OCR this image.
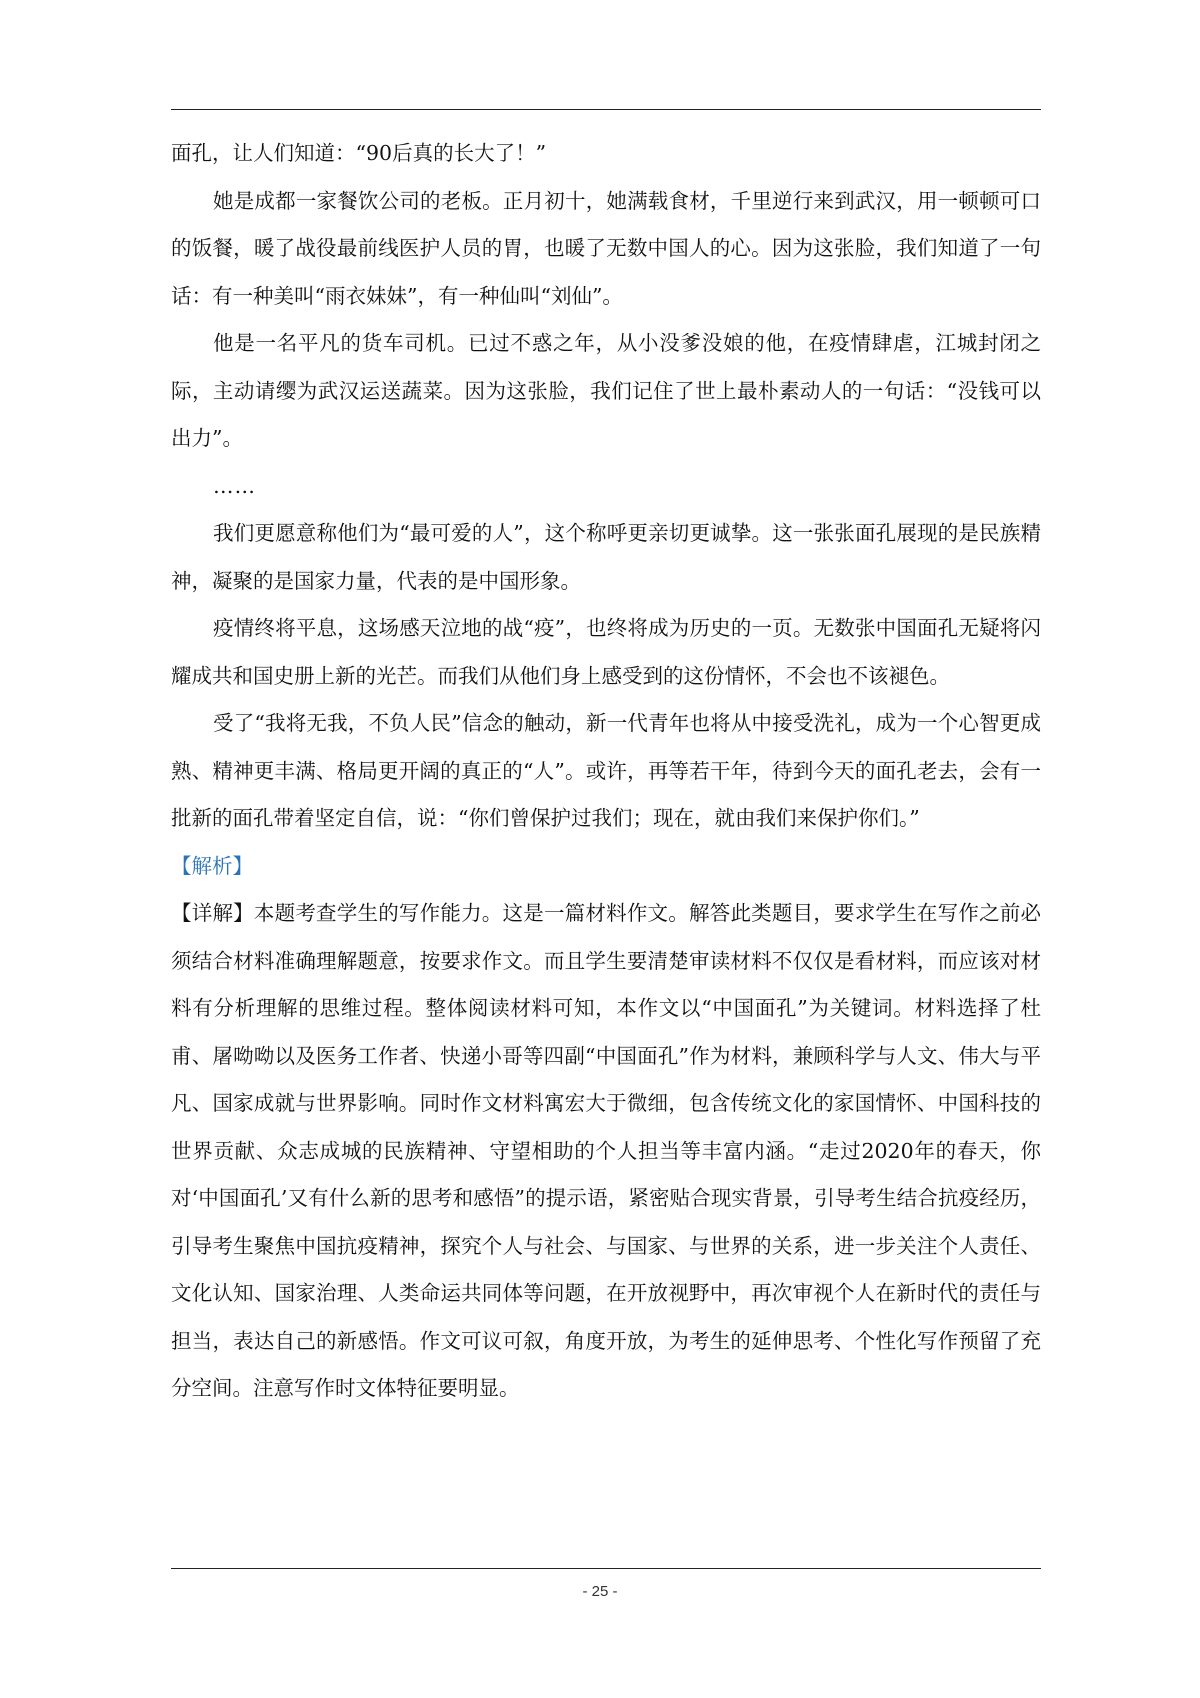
面孔，让人们知道：“90后真的长大了！”

她是成都一家餐饮公司的老板。正月初十，她满载食材，千里逆行来到武汉，用一顿顿可口的饭餐，暖了战役最前线医护人员的胃，也暖了无数中国人的心。因为这张脸，我们知道了一句话：有一种美叫“雨衣妹妹”，有一种仙叫“刘仙”。

他是一名平凡的货车司机。已过不惑之年，从小没爹没娘的他，在疫情肆虐，江城封闭之际，主动请缨为武汉运送蔬菜。因为这张脸，我们记住了世上最朴素动人的一句话：“没钱可以出力”。

……

我们更愿意称他们为“最可爱的人”，这个称呼更亲切更诚挚。这一张张面孔展现的是民族精神，凝聚的是国家力量，代表的是中国形象。

疫情终将平息，这场感天泣地的战“疫”，也终将成为历史的一页。无数张中国面孔无疑将闪耀成共和国史册上新的光芒。而我们从他们身上感受到的这份情怀，不会也不该褪色。

受了“我将无我，不负人民”信念的触动，新一代青年也将从中接受洗礼，成为一个心智更成熟、精神更丰满、格局更开阔的真正的“人”。或许，再等若干年，待到今天的面孔老去，会有一批新的面孔带着坚定自信，说：“你们曾保护过我们；现在，就由我们来保护你们。”

【解析】

【详解】本题考查学生的写作能力。这是一篇材料作文。解答此类题目，要求学生在写作之前必须结合材料准确理解题意，按要求作文。而且学生要清楚审读材料不仅仅是看材料，而应该对材料有分析理解的思维过程。整体阅读材料可知，本作文以“中国面孔”为关键词。材料选择了杜甫、屠呦呦以及医务工作者、快递小哥等四副“中国面孔”作为材料，兼顾科学与人文、伟大与平凡、国家成就与世界影响。同时作文材料寓宏大于微细，包含传统文化的家国情怀、中国科技的世界贡献、众志成城的民族精神、守望相助的个人担当等丰富内涵。“走过2020年的春天，你对‘中国面孔’又有什么新的思考和感悟”的提示语，紧密贴合现实背景，引导考生结合抗疫经历，引导考生聚焦中国抗疫精神，探究个人与社会、与国家、与世界的关系，进一步关注个人责任、文化认知、国家治理、人类命运共同体等问题，在开放视野中，再次审视个人在新时代的责任与担当，表达自己的新感悟。作文可议可叙，角度开放，为考生的延伸思考、个性化写作预留了充分空间。注意写作时文体特征要明显。

- 25 -
